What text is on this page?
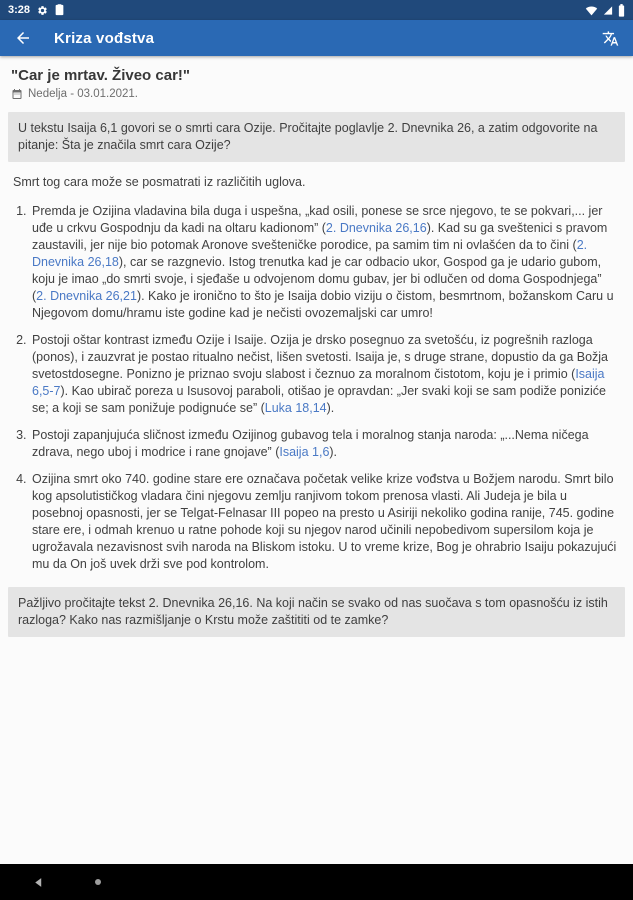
3:28
Kriza vođstva
"Car je mrtav. Živeo car!"
Nedelja - 03.01.2021.
U tekstu Isaija 6,1 govori se o smrti cara Ozije. Pročitajte poglavlje 2. Dnevnika 26, a zatim odgovorite na pitanje: Šta je značila smrt cara Ozije?
Smrt tog cara može se posmatrati iz različitih uglova.
1. Premda je Ozijina vladavina bila duga i uspešna, „kad osili, ponese se srce njegovo, te se pokvari,... jer uđe u crkvu Gospodnju da kadi na oltaru kadionom” (2. Dnevnika 26,16). Kad su ga sveštenici s pravom zaustavili, jer nije bio potomak Aronove svešteničke porodice, pa samim tim ni ovlašćen da to čini (2. Dnevnika 26,18), car se razgnevio. Istog trenutka kad je car odbacio ukor, Gospod ga je udario gubom, koju je imao „do smrti svoje, i sjeđaše u odvojenom domu gubav, jer bi odlučen od doma Gospodnjega” (2. Dnevnika 26,21). Kako je ironično to što je Isaija dobio viziju o čistom, besmrtnom, božanskom Caru u Njegovom domu/hramu iste godine kad je nečisti ovozemaljski car umro!
2. Postoji oštar kontrast između Ozije i Isaije. Ozija je drsko posegnuo za svetošću, iz pogrešnih razloga (ponos), i zauzvrat je postao ritualno nečist, lišen svetosti. Isaija je, s druge strane, dopustio da ga Božja svetostdosegne. Ponizno je priznao svoju slabost i čeznuo za moralnom čistotom, koju je i primio (Isaija 6,5-7). Kao ubirač poreza u Isusovoj paraboli, otišao je opravdan: „Jer svaki koji se sam podiže poniziće se; a koji se sam ponižuje podignuće se” (Luka 18,14).
3. Postoji zapanjujuća sličnost između Ozijinog gubavog tela i moralnog stanja naroda: „...Nema ničega zdrava, nego uboj i modrice i rane gnojave” (Isaija 1,6).
4. Ozijina smrt oko 740. godine stare ere označava početak velike krize vođstva u Božjem narodu. Smrt bilo kog apsolutističkog vladara čini njegovu zemlju ranjivom tokom prenosa vlasti. Ali Judeja je bila u posebnoj opasnosti, jer se Telgat-Felnasar III popeo na presto u Asiriji nekoliko godina ranije, 745. godine stare ere, i odmah krenuo u ratne pohode koji su njegov narod učinili nepobedivom supersilom koja je ugrožavala nezavisnost svih naroda na Bliskom istoku. U to vreme krize, Bog je ohrabrio Isaiju pokazujući mu da On još uvek drži sve pod kontrolom.
Pažljivo pročitajte tekst 2. Dnevnika 26,16. Na koji način se svako od nas suočava s tom opasnošću iz istih razloga? Kako nas razmišljanje o Krstu može zaštititi od te zamke?
